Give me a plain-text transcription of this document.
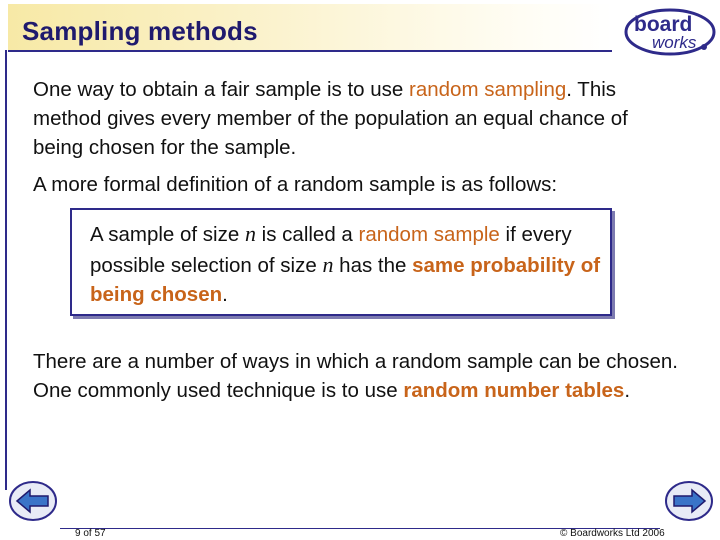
Sampling methods	board
works

One way to obtain a fair sample is to use random sampling. This method gives every member of the population an equal chance of being chosen for the sample.

A more formal definition of a random sample is as follows:

A sample of size n is called a random sample if every possible selection of size n has the same probability of being chosen.

There are a number of ways in which a random sample can be chosen. One commonly used technique is to use random number tables.

9 of 57	© Boardworks Ltd 2006
